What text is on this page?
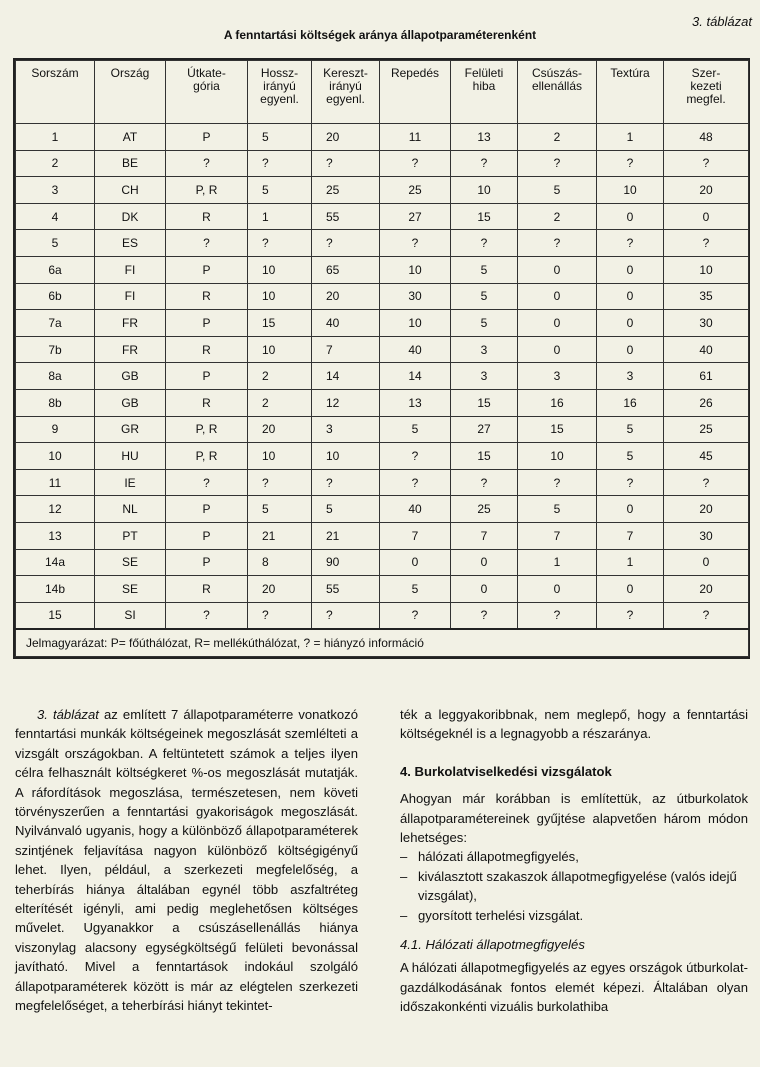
3. táblázat
A fenntartási költségek aránya állapotparaméterenként
Sorszám	Ország	Útkate-
gória	Hossz-
irányú
egyenl.	Kereszt-
irányú
egyenl.	Repedés	Felületi
hiba	Csúszás-
ellenállás	Textúra	Szer-
kezeti
megfel.
1	AT	P	5	20	11	13	2	1	48
2	BE	?	?	?	?	?	?	?	?
3	CH	P, R	5	25	25	10	5	10	20
4	DK	R	1	55	27	15	2	0	0
5	ES	?	?	?	?	?	?	?	?
6a	FI	P	10	65	10	5	0	0	10
6b	FI	R	10	20	30	5	0	0	35
7a	FR	P	15	40	10	5	0	0	30
7b	FR	R	10	7	40	3	0	0	40
8a	GB	P	2	14	14	3	3	3	61
8b	GB	R	2	12	13	15	16	16	26
9	GR	P, R	20	3	5	27	15	5	25
10	HU	P, R	10	10	?	15	10	5	45
11	IE	?	?	?	?	?	?	?	?
12	NL	P	5	5	40	25	5	0	20
13	PT	P	21	21	7	7	7	7	30
14a	SE	P	8	90	0	0	1	1	0
14b	SE	R	20	55	5	0	0	0	20
15	SI	?	?	?	?	?	?	?	?
Jelmagyarázat: P= főúthálózat, R= mellékúthálózat, ? = hiányzó információ									

3. táblázat az említett 7 állapotparaméterre vonatkozó fenntartási munkák költségeinek megoszlását szemlélteti a vizsgált országokban. A feltüntetett számok a teljes ilyen célra felhasznált költségkeret %-os megoszlását mutatják. A ráfordítások megoszlása, természetesen, nem követi törvényszerűen a fenntartási gyakoriságok megoszlását. Nyilvánvaló ugyanis, hogy a különböző állapotparaméterek szintjének feljavítása nagyon különböző költségigényű lehet. Ilyen, például, a szerkezeti megfelelőség, a teherbírás hiánya általában egynél több aszfaltréteg elterítését igényli, ami pedig meglehetősen költséges művelet. Ugyanakkor a csúszásellenállás hiánya viszonylag alacsony egységköltségű felületi bevonással javítható. Mivel a fenntartások indokául szolgáló állapotparaméterek között is már az elégtelen szerkezeti megfelelőséget, a teherbírási hiányt tekintet-

ték a leggyakoribbnak, nem meglepő, hogy a fenntartási költségeknél is a legnagyobb a részaránya.

4. Burkolatviselkedési vizsgálatok

Ahogyan már korábban is említettük, az útburkolatok állapotparamétereinek gyűjtése alapvetően három módon lehetséges:

– hálózati állapotmegfigyelés,
– kiválasztott szakaszok állapotmegfigyelése (valós idejű vizsgálat),
– gyorsított terhelési vizsgálat.

4.1. Hálózati állapotmegfigyelés

A hálózati állapotmegfigyelés az egyes országok útburkolat-gazdálkodásának fontos elemét képezi. Általában olyan időszakonkénti vizuális burkolathiba
